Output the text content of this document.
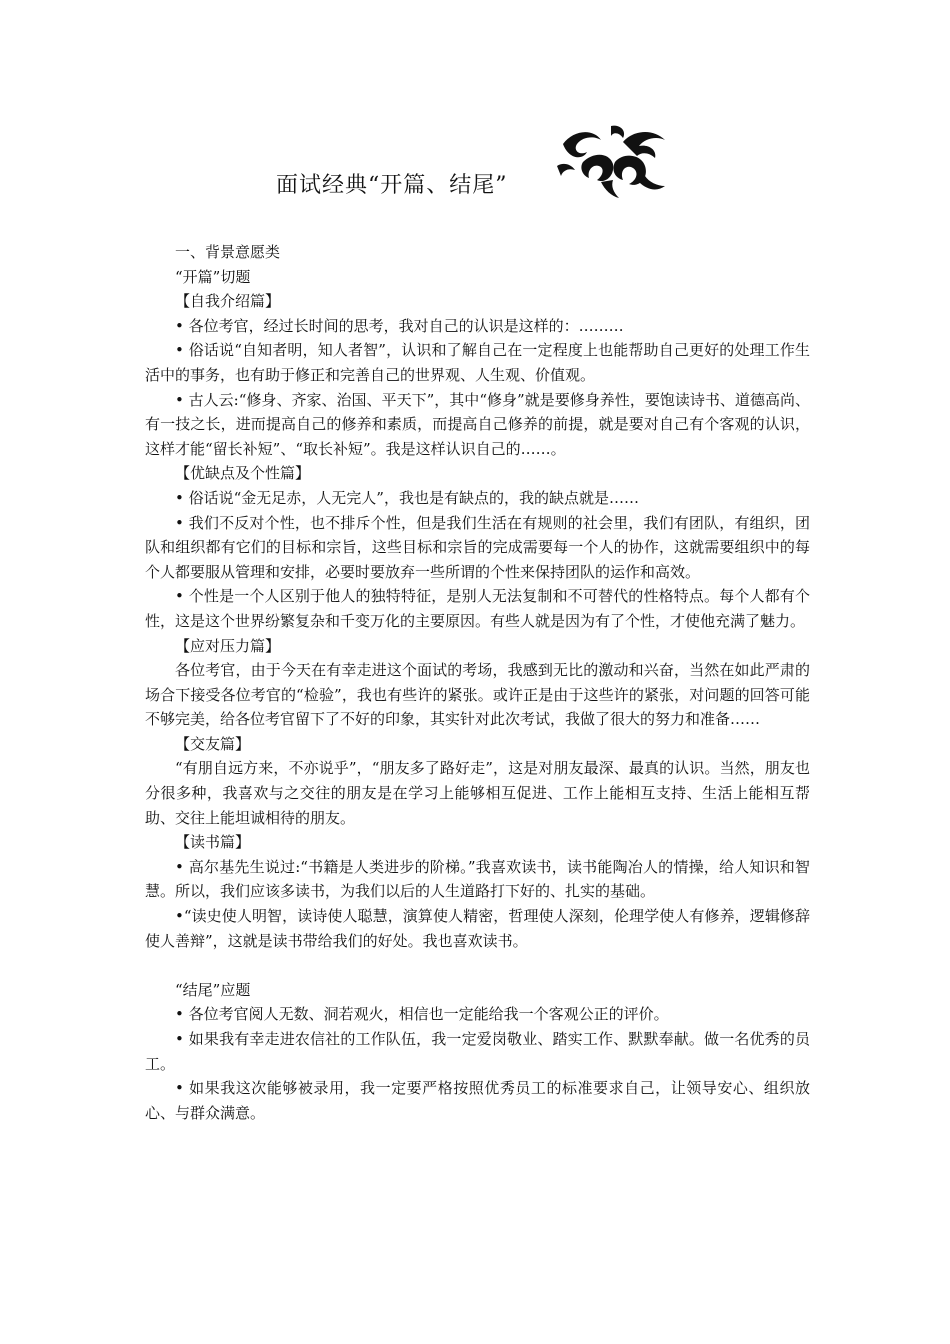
面试经典“开篇、结尾”

一、背景意愿类

“开篇”切题

【自我介绍篇】

• 各位考官，经过长时间的思考，我对自己的认识是这样的：………

• 俗话说“自知者明，知人者智”，认识和了解自己在一定程度上也能帮助自己更好的处理工作生活中的事务，也有助于修正和完善自己的世界观、人生观、价值观。

• 古人云:“修身、齐家、治国、平天下”，其中“修身”就是要修身养性，要饱读诗书、道德高尚、有一技之长，进而提高自己的修养和素质，而提高自己修养的前提，就是要对自己有个客观的认识，这样才能“留长补短”、“取长补短”。我是这样认识自己的……。

【优缺点及个性篇】

• 俗话说“金无足赤，人无完人”，我也是有缺点的，我的缺点就是……

• 我们不反对个性，也不排斥个性，但是我们生活在有规则的社会里，我们有团队，有组织，团队和组织都有它们的目标和宗旨，这些目标和宗旨的完成需要每一个人的协作，这就需要组织中的每个人都要服从管理和安排，必要时要放弃一些所谓的个性来保持团队的运作和高效。

• 个性是一个人区别于他人的独特特征，是别人无法复制和不可替代的性格特点。每个人都有个性，这是这个世界纷繁复杂和千变万化的主要原因。有些人就是因为有了个性，才使他充满了魅力。

【应对压力篇】

各位考官，由于今天在有幸走进这个面试的考场，我感到无比的激动和兴奋，当然在如此严肃的场合下接受各位考官的“检验”，我也有些许的紧张。或许正是由于这些许的紧张，对问题的回答可能不够完美，给各位考官留下了不好的印象，其实针对此次考试，我做了很大的努力和准备……

【交友篇】

“有朋自远方来，不亦说乎”，“朋友多了路好走”，这是对朋友最深、最真的认识。当然，朋友也分很多种，我喜欢与之交往的朋友是在学习上能够相互促进、工作上能相互支持、生活上能相互帮助、交往上能坦诚相待的朋友。

【读书篇】

• 高尔基先生说过:“书籍是人类进步的阶梯。”我喜欢读书，读书能陶冶人的情操，给人知识和智慧。所以，我们应该多读书，为我们以后的人生道路打下好的、扎实的基础。

•“读史使人明智，读诗使人聪慧，演算使人精密，哲理使人深刻，伦理学使人有修养，逻辑修辞使人善辩”，这就是读书带给我们的好处。我也喜欢读书。

“结尾”应题

• 各位考官阅人无数、洞若观火，相信也一定能给我一个客观公正的评价。

• 如果我有幸走进农信社的工作队伍，我一定爱岗敬业、踏实工作、默默奉献。做一名优秀的员工。

• 如果我这次能够被录用，我一定要严格按照优秀员工的标准要求自己，让领导安心、组织放心、与群众满意。
